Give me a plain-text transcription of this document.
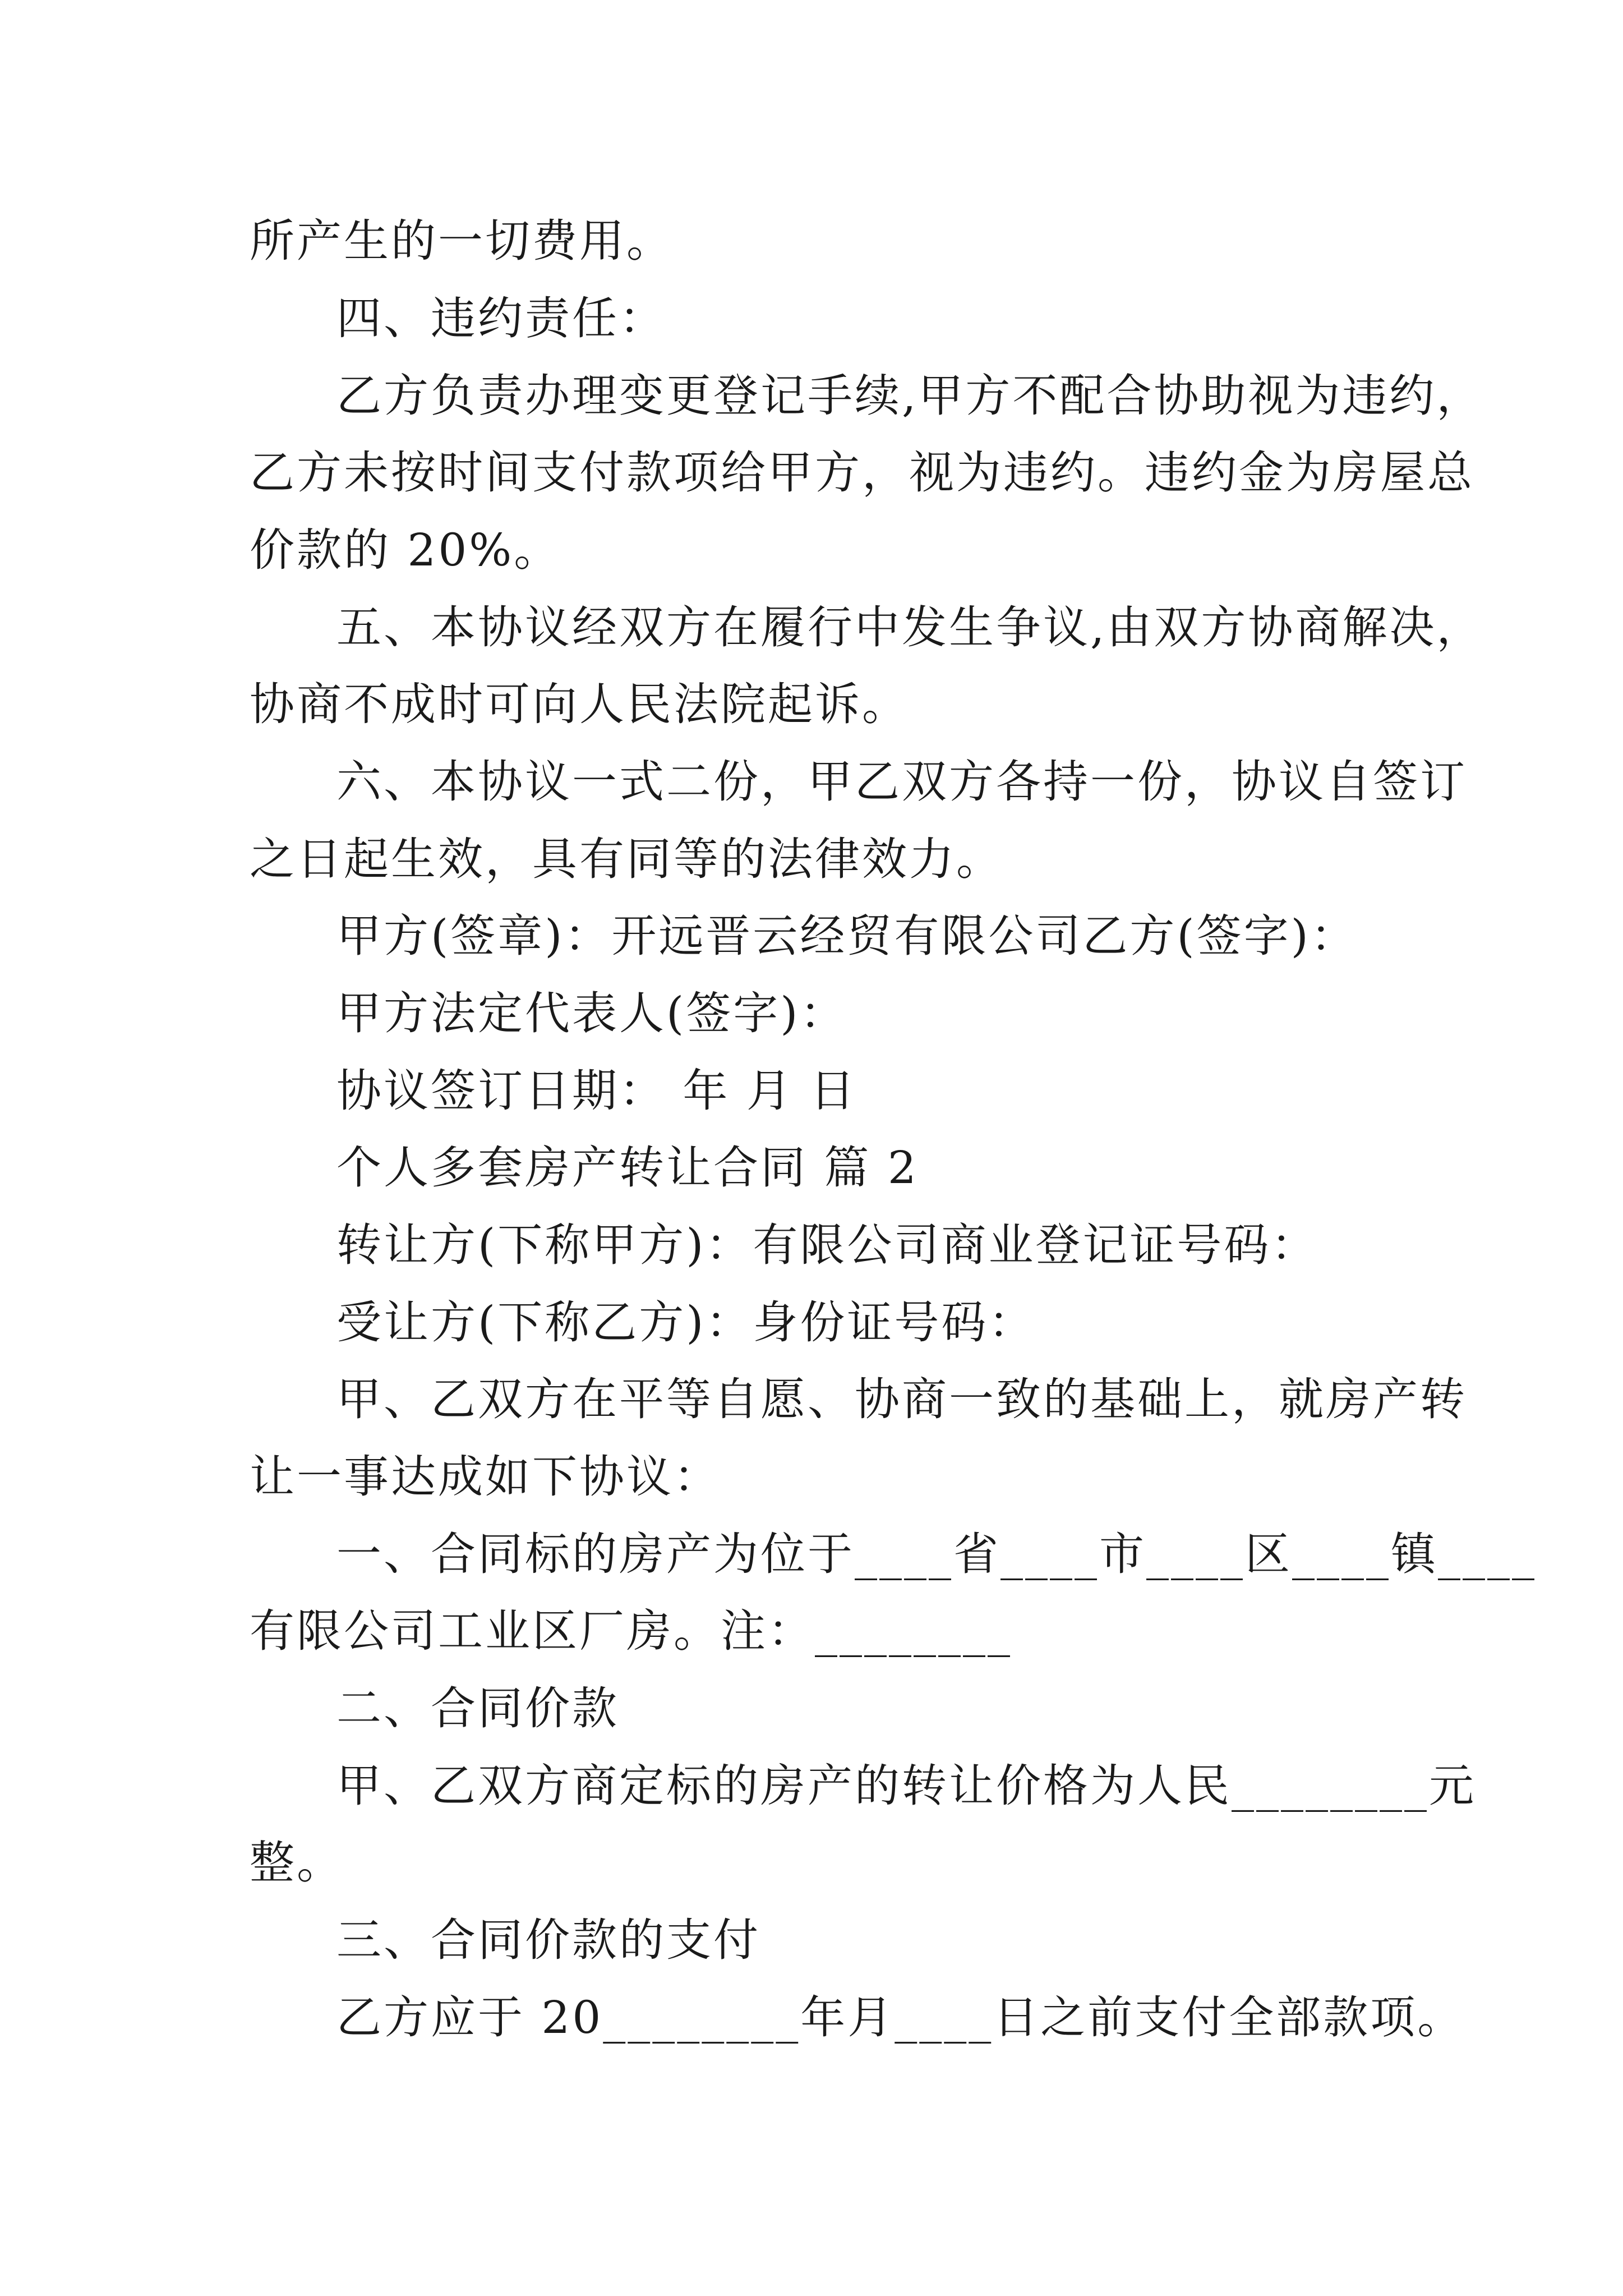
所产生的一切费用。
四、违约责任：
乙方负责办理变更登记手续,甲方不配合协助视为违约，
乙方未按时间支付款项给甲方，视为违约。违约金为房屋总
价款的 20%。
五、本协议经双方在履行中发生争议,由双方协商解决，
协商不成时可向人民法院起诉。
六、本协议一式二份，甲乙双方各持一份，协议自签订
之日起生效，具有同等的法律效力。
甲方(签章)：开远晋云经贸有限公司乙方(签字)：
甲方法定代表人(签字)：
协议签订日期： 年 月 日
个人多套房产转让合同 篇 2
转让方(下称甲方)：有限公司商业登记证号码：
受让方(下称乙方)：身份证号码：
甲、乙双方在平等自愿、协商一致的基础上，就房产转
让一事达成如下协议：
一、合同标的房产为位于____省____市____区____镇____
有限公司工业区厂房。注：________
二、合同价款
甲、乙双方商定标的房产的转让价格为人民________元
整。
三、合同价款的支付
乙方应于 20________年月____日之前支付全部款项。
